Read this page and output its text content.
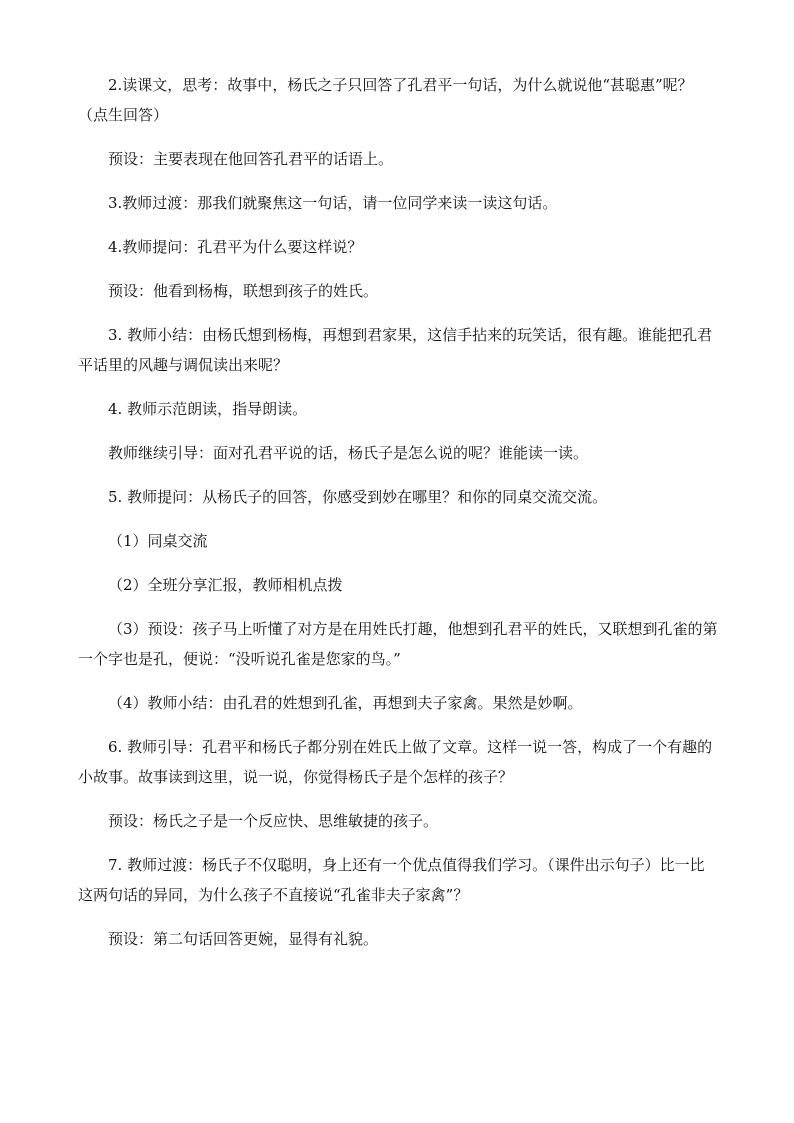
2.读课文，思考：故事中，杨氏之子只回答了孔君平一句话，为什么就说他“甚聪惠”呢？（点生回答）

预设：主要表现在他回答孔君平的话语上。

3.教师过渡：那我们就聚焦这一句话，请一位同学来读一读这句话。

4.教师提问：孔君平为什么要这样说？

预设：他看到杨梅，联想到孩子的姓氏。

3. 教师小结：由杨氏想到杨梅，再想到君家果，这信手拈来的玩笑话，很有趣。谁能把孔君平话里的风趣与调侃读出来呢？

4. 教师示范朗读，指导朗读。

教师继续引导：面对孔君平说的话，杨氏子是怎么说的呢？谁能读一读。

5. 教师提问：从杨氏子的回答，你感受到妙在哪里？和你的同桌交流交流。

（1）同桌交流

（2）全班分享汇报，教师相机点拨

（3）预设：孩子马上听懂了对方是在用姓氏打趣，他想到孔君平的姓氏，又联想到孔雀的第一个字也是孔，便说：“没听说孔雀是您家的鸟。”

（4）教师小结：由孔君的姓想到孔雀，再想到夫子家禽。果然是妙啊。

6. 教师引导：孔君平和杨氏子都分别在姓氏上做了文章。这样一说一答，构成了一个有趣的小故事。故事读到这里，说一说，你觉得杨氏子是个怎样的孩子？

预设：杨氏之子是一个反应快、思维敏捷的孩子。

7. 教师过渡：杨氏子不仅聪明，身上还有一个优点值得我们学习。（课件出示句子）比一比这两句话的异同，为什么孩子不直接说“孔雀非夫子家禽”？

预设：第二句话回答更婉，显得有礼貌。
